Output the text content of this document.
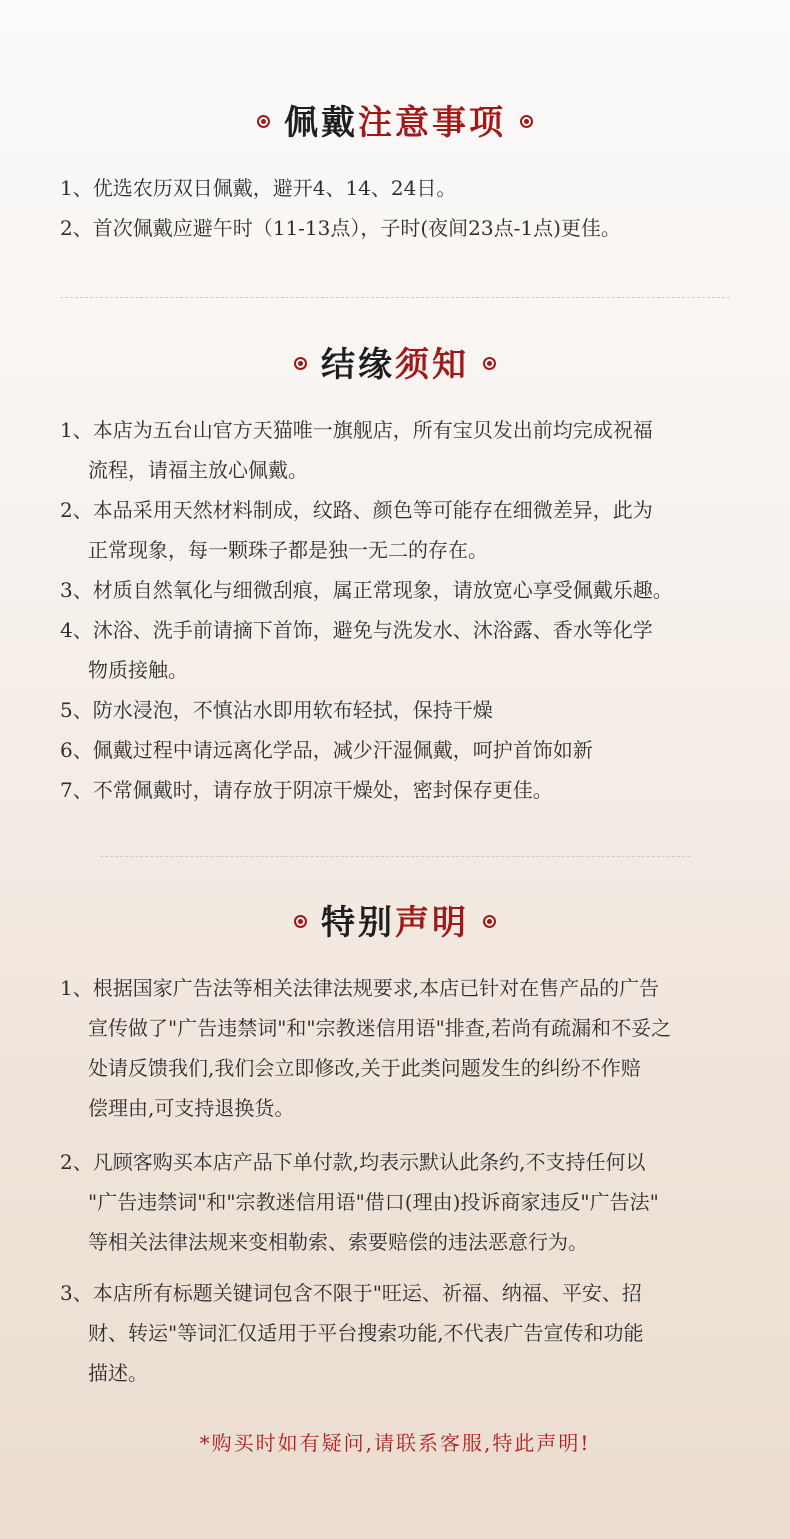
佩戴注意事项
1、优选农历双日佩戴，避开4、14、24日。
2、首次佩戴应避午时（11-13点），子时(夜间23点-1点)更佳。
结缘须知
1、本店为五台山官方天猫唯一旗舰店，所有宝贝发出前均完成祝福
流程，请福主放心佩戴。
2、本品采用天然材料制成，纹路、颜色等可能存在细微差异，此为
正常现象，每一颗珠子都是独一无二的存在。
3、材质自然氧化与细微刮痕，属正常现象，请放宽心享受佩戴乐趣。
4、沐浴、洗手前请摘下首饰，避免与洗发水、沐浴露、香水等化学
物质接触。
5、防水浸泡，不慎沾水即用软布轻拭，保持干燥
6、佩戴过程中请远离化学品，减少汗湿佩戴，呵护首饰如新
7、不常佩戴时，请存放于阴凉干燥处，密封保存更佳。
特别声明
1、根据国家广告法等相关法律法规要求,本店已针对在售产品的广告
宣传做了"广告违禁词"和"宗教迷信用语"排查,若尚有疏漏和不妥之
处请反馈我们,我们会立即修改,关于此类问题发生的纠纷不作赔
偿理由,可支持退换货。
2、凡顾客购买本店产品下单付款,均表示默认此条约,不支持任何以
"广告违禁词"和"宗教迷信用语"借口(理由)投诉商家违反"广告法"
等相关法律法规来变相勒索、索要赔偿的违法恶意行为。
3、本店所有标题关键词包含不限于"旺运、祈福、纳福、平安、招
财、转运"等词汇仅适用于平台搜索功能,不代表广告宣传和功能
描述。
*购买时如有疑问,请联系客服,特此声明!
